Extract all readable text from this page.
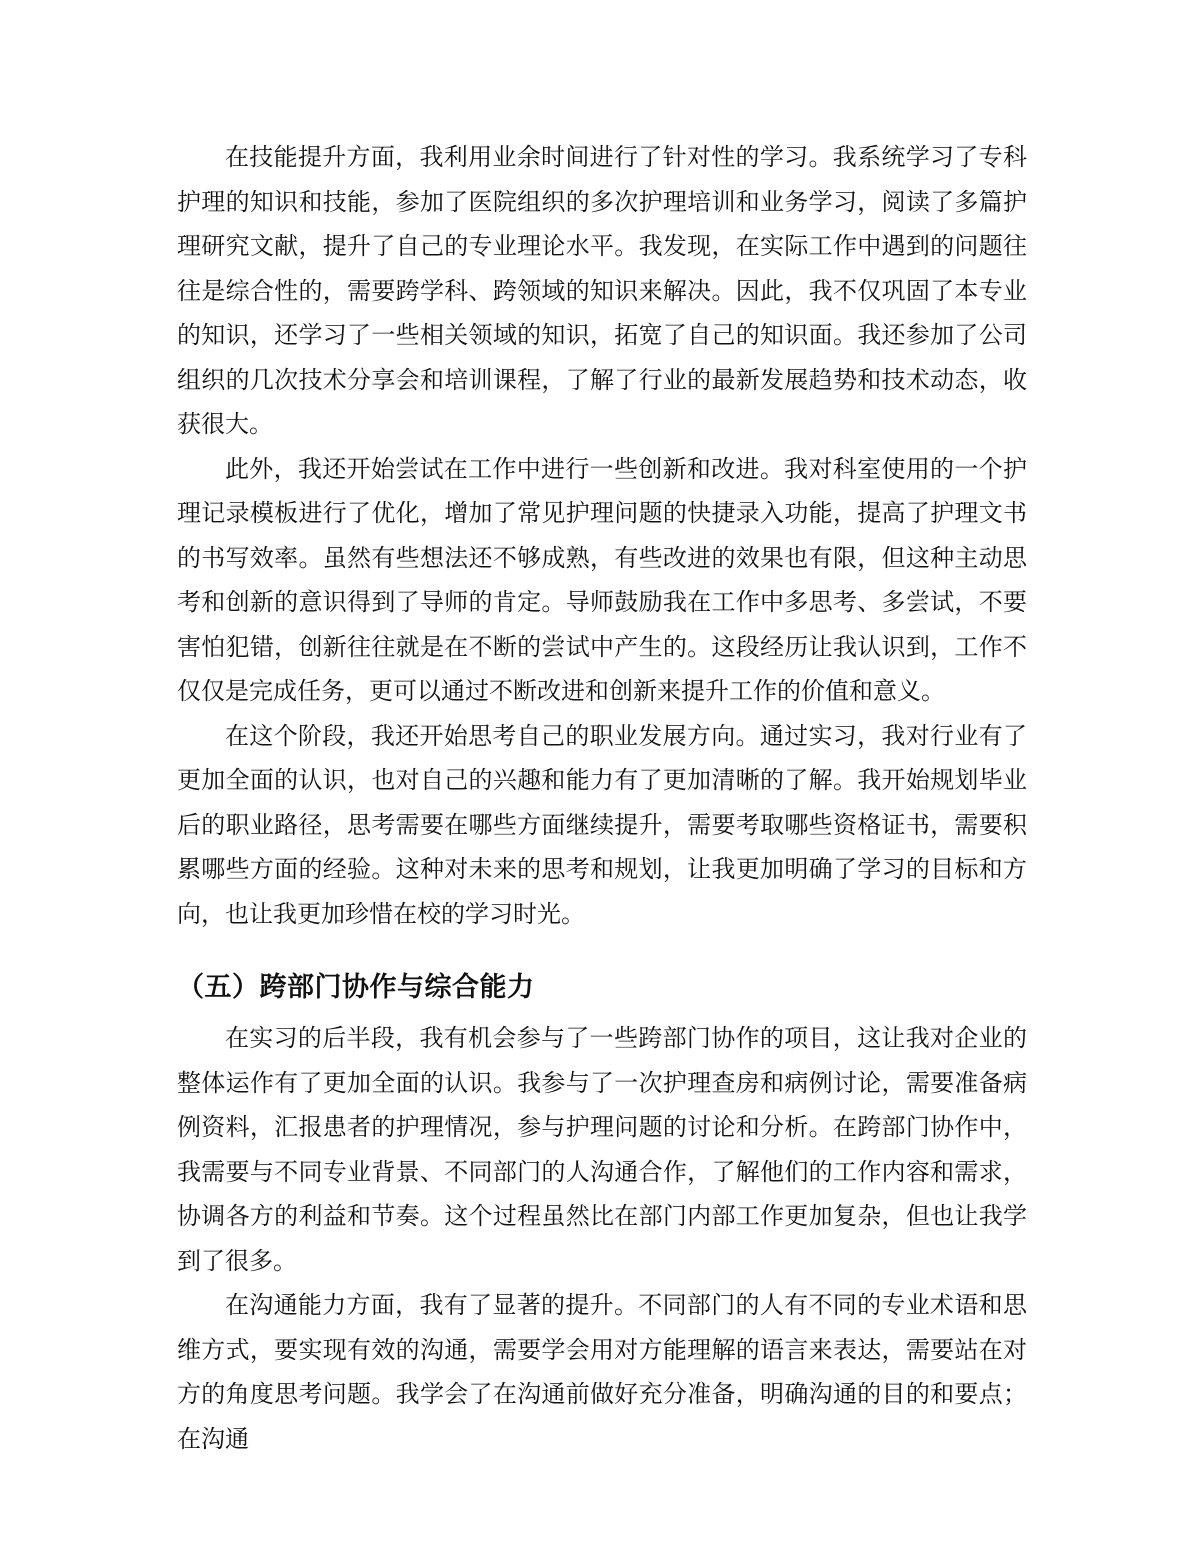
在技能提升方面，我利用业余时间进行了针对性的学习。我系统学习了专科护理的知识和技能，参加了医院组织的多次护理培训和业务学习，阅读了多篇护理研究文献，提升了自己的专业理论水平。我发现，在实际工作中遇到的问题往往是综合性的，需要跨学科、跨领域的知识来解决。因此，我不仅巩固了本专业的知识，还学习了一些相关领域的知识，拓宽了自己的知识面。我还参加了公司组织的几次技术分享会和培训课程，了解了行业的最新发展趋势和技术动态，收获很大。

此外，我还开始尝试在工作中进行一些创新和改进。我对科室使用的一个护理记录模板进行了优化，增加了常见护理问题的快捷录入功能，提高了护理文书的书写效率。虽然有些想法还不够成熟，有些改进的效果也有限，但这种主动思考和创新的意识得到了导师的肯定。导师鼓励我在工作中多思考、多尝试，不要害怕犯错，创新往往就是在不断的尝试中产生的。这段经历让我认识到，工作不仅仅是完成任务，更可以通过不断改进和创新来提升工作的价值和意义。

在这个阶段，我还开始思考自己的职业发展方向。通过实习，我对行业有了更加全面的认识，也对自己的兴趣和能力有了更加清晰的了解。我开始规划毕业后的职业路径，思考需要在哪些方面继续提升，需要考取哪些资格证书，需要积累哪些方面的经验。这种对未来的思考和规划，让我更加明确了学习的目标和方向，也让我更加珍惜在校的学习时光。

（五）跨部门协作与综合能力

在实习的后半段，我有机会参与了一些跨部门协作的项目，这让我对企业的整体运作有了更加全面的认识。我参与了一次护理查房和病例讨论，需要准备病例资料，汇报患者的护理情况，参与护理问题的讨论和分析。在跨部门协作中，我需要与不同专业背景、不同部门的人沟通合作，了解他们的工作内容和需求，协调各方的利益和节奏。这个过程虽然比在部门内部工作更加复杂，但也让我学到了很多。

在沟通能力方面，我有了显著的提升。不同部门的人有不同的专业术语和思维方式，要实现有效的沟通，需要学会用对方能理解的语言来表达，需要站在对方的角度思考问题。我学会了在沟通前做好充分准备，明确沟通的目的和要点；在沟通
